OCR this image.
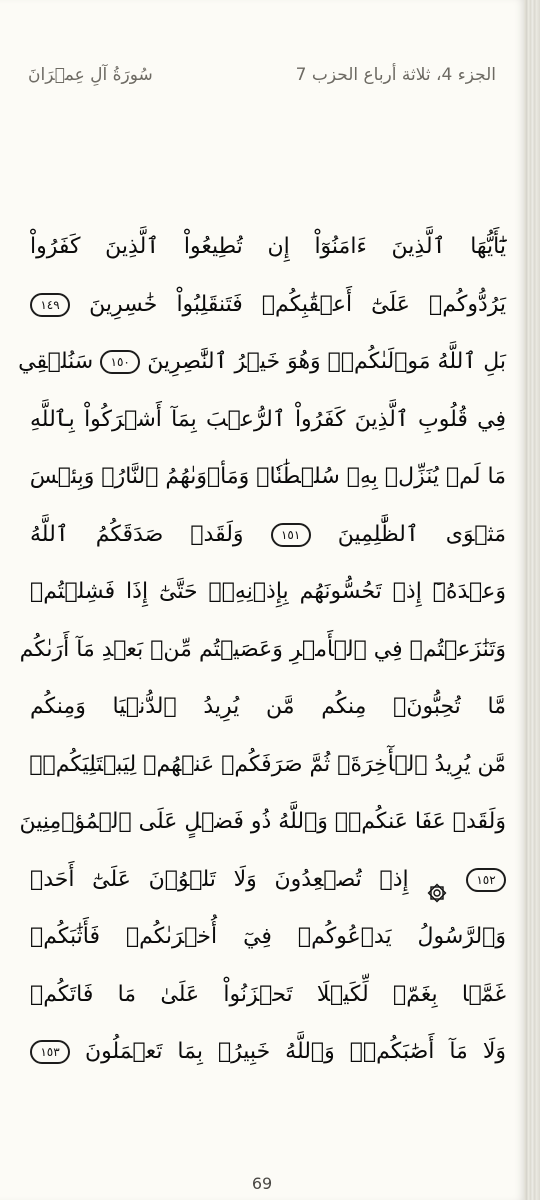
سُورَةُ آلِ عِمۡرَانَ	الجزء 4، ثلاثة أرباع الحزب 7
يَٰٓأَيُّهَا ٱلَّذِينَ ءَامَنُوٓاْ إِن تُطِيعُواْ ٱلَّذِينَ كَفَرُواْ
يَرُدُّوكُمۡ عَلَىٰٓ أَعۡقَٰبِكُمۡ فَتَنقَلِبُواْ خَٰسِرِينَ ١٤٩
بَلِ ٱللَّهُ مَوۡلَىٰكُمۡۖ وَهُوَ خَيۡرُ ٱلنَّٰصِرِينَ ١٥٠ سَنُلۡقِي
فِي قُلُوبِ ٱلَّذِينَ كَفَرُواْ ٱلرُّعۡبَ بِمَآ أَشۡرَكُواْ بِٱللَّهِ
مَا لَمۡ يُنَزِّلۡ بِهِۦ سُلۡطَٰنٗاۖ وَمَأۡوَىٰهُمُ ٱلنَّارُۖ وَبِئۡسَ
مَثۡوَى ٱلظَّٰلِمِينَ ١٥١ وَلَقَدۡ صَدَقَكُمُ ٱللَّهُ
وَعۡدَهُۥٓ إِذۡ تَحُسُّونَهُم بِإِذۡنِهِۦۖ حَتَّىٰٓ إِذَا فَشِلۡتُمۡ
وَتَنَٰزَعۡتُمۡ فِي ٱلۡأَمۡرِ وَعَصَيۡتُم مِّنۢ بَعۡدِ مَآ أَرَىٰكُم
مَّا تُحِبُّونَۚ مِنكُم مَّن يُرِيدُ ٱلدُّنۡيَا وَمِنكُم
مَّن يُرِيدُ ٱلۡأٓخِرَةَۚ ثُمَّ صَرَفَكُمۡ عَنۡهُمۡ لِيَبۡتَلِيَكُمۡۖ
وَلَقَدۡ عَفَا عَنكُمۡۗ وَٱللَّهُ ذُو فَضۡلٍ عَلَى ٱلۡمُؤۡمِنِينَ
١٥٢  إِذۡ تُصۡعِدُونَ وَلَا تَلۡوُۥنَ عَلَىٰٓ أَحَدٖ
وَٱلرَّسُولُ يَدۡعُوكُمۡ فِيٓ أُخۡرَىٰكُمۡ فَأَثَٰبَكُمۡ
غَمَّۢا بِغَمّٖ لِّكَيۡلَا تَحۡزَنُواْ عَلَىٰ مَا فَاتَكُمۡ
وَلَا مَآ أَصَٰبَكُمۡۗ وَٱللَّهُ خَبِيرُۢ بِمَا تَعۡمَلُونَ ١٥٣
69
